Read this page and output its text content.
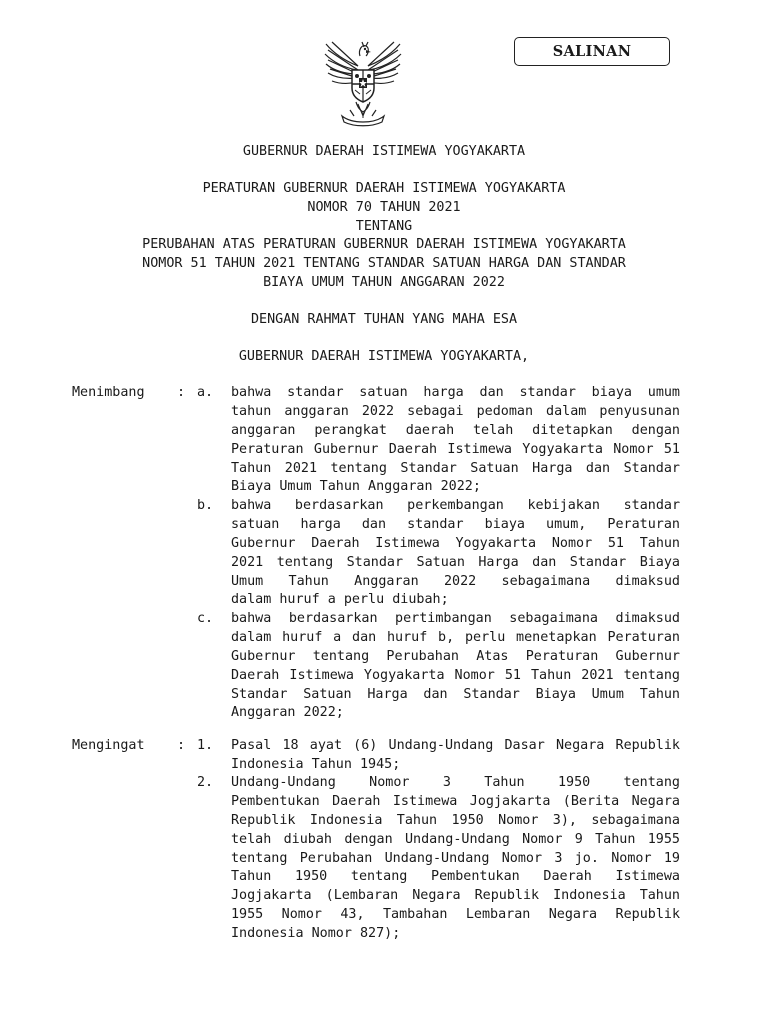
SALINAN
GUBERNUR DAERAH ISTIMEWA YOGYAKARTA
PERATURAN GUBERNUR DAERAH ISTIMEWA YOGYAKARTA
NOMOR 70 TAHUN 2021
TENTANG
PERUBAHAN ATAS PERATURAN GUBERNUR DAERAH ISTIMEWA YOGYAKARTA
NOMOR 51 TAHUN 2021 TENTANG STANDAR SATUAN HARGA DAN STANDAR
BIAYA UMUM TAHUN ANGGARAN 2022
DENGAN RAHMAT TUHAN YANG MAHA ESA
GUBERNUR DAERAH ISTIMEWA YOGYAKARTA,
Menimbang : a. bahwa standar satuan harga dan standar biaya umum
tahun anggaran 2022 sebagai pedoman dalam penyusunan
anggaran perangkat daerah telah ditetapkan dengan
Peraturan Gubernur Daerah Istimewa Yogyakarta Nomor 51
Tahun 2021 tentang Standar Satuan Harga dan Standar
Biaya Umum Tahun Anggaran 2022;
b. bahwa berdasarkan perkembangan kebijakan standar
satuan harga dan standar biaya umum, Peraturan
Gubernur Daerah Istimewa Yogyakarta Nomor 51 Tahun
2021 tentang Standar Satuan Harga dan Standar Biaya
Umum Tahun Anggaran 2022 sebagaimana dimaksud
dalam huruf a perlu diubah;
c. bahwa berdasarkan pertimbangan sebagaimana dimaksud
dalam huruf a dan huruf b, perlu menetapkan Peraturan
Gubernur tentang Perubahan Atas Peraturan Gubernur
Daerah Istimewa Yogyakarta Nomor 51 Tahun 2021 tentang
Standar Satuan Harga dan Standar Biaya Umum Tahun
Anggaran 2022;
Mengingat : 1. Pasal 18 ayat (6) Undang-Undang Dasar Negara Republik
Indonesia Tahun 1945;
2. Undang-Undang Nomor 3 Tahun 1950 tentang
Pembentukan Daerah Istimewa Jogjakarta (Berita Negara
Republik Indonesia Tahun 1950 Nomor 3), sebagaimana
telah diubah dengan Undang-Undang Nomor 9 Tahun 1955
tentang Perubahan Undang-Undang Nomor 3 jo. Nomor 19
Tahun 1950 tentang Pembentukan Daerah Istimewa
Jogjakarta (Lembaran Negara Republik Indonesia Tahun
1955 Nomor 43, Tambahan Lembaran Negara Republik
Indonesia Nomor 827);
